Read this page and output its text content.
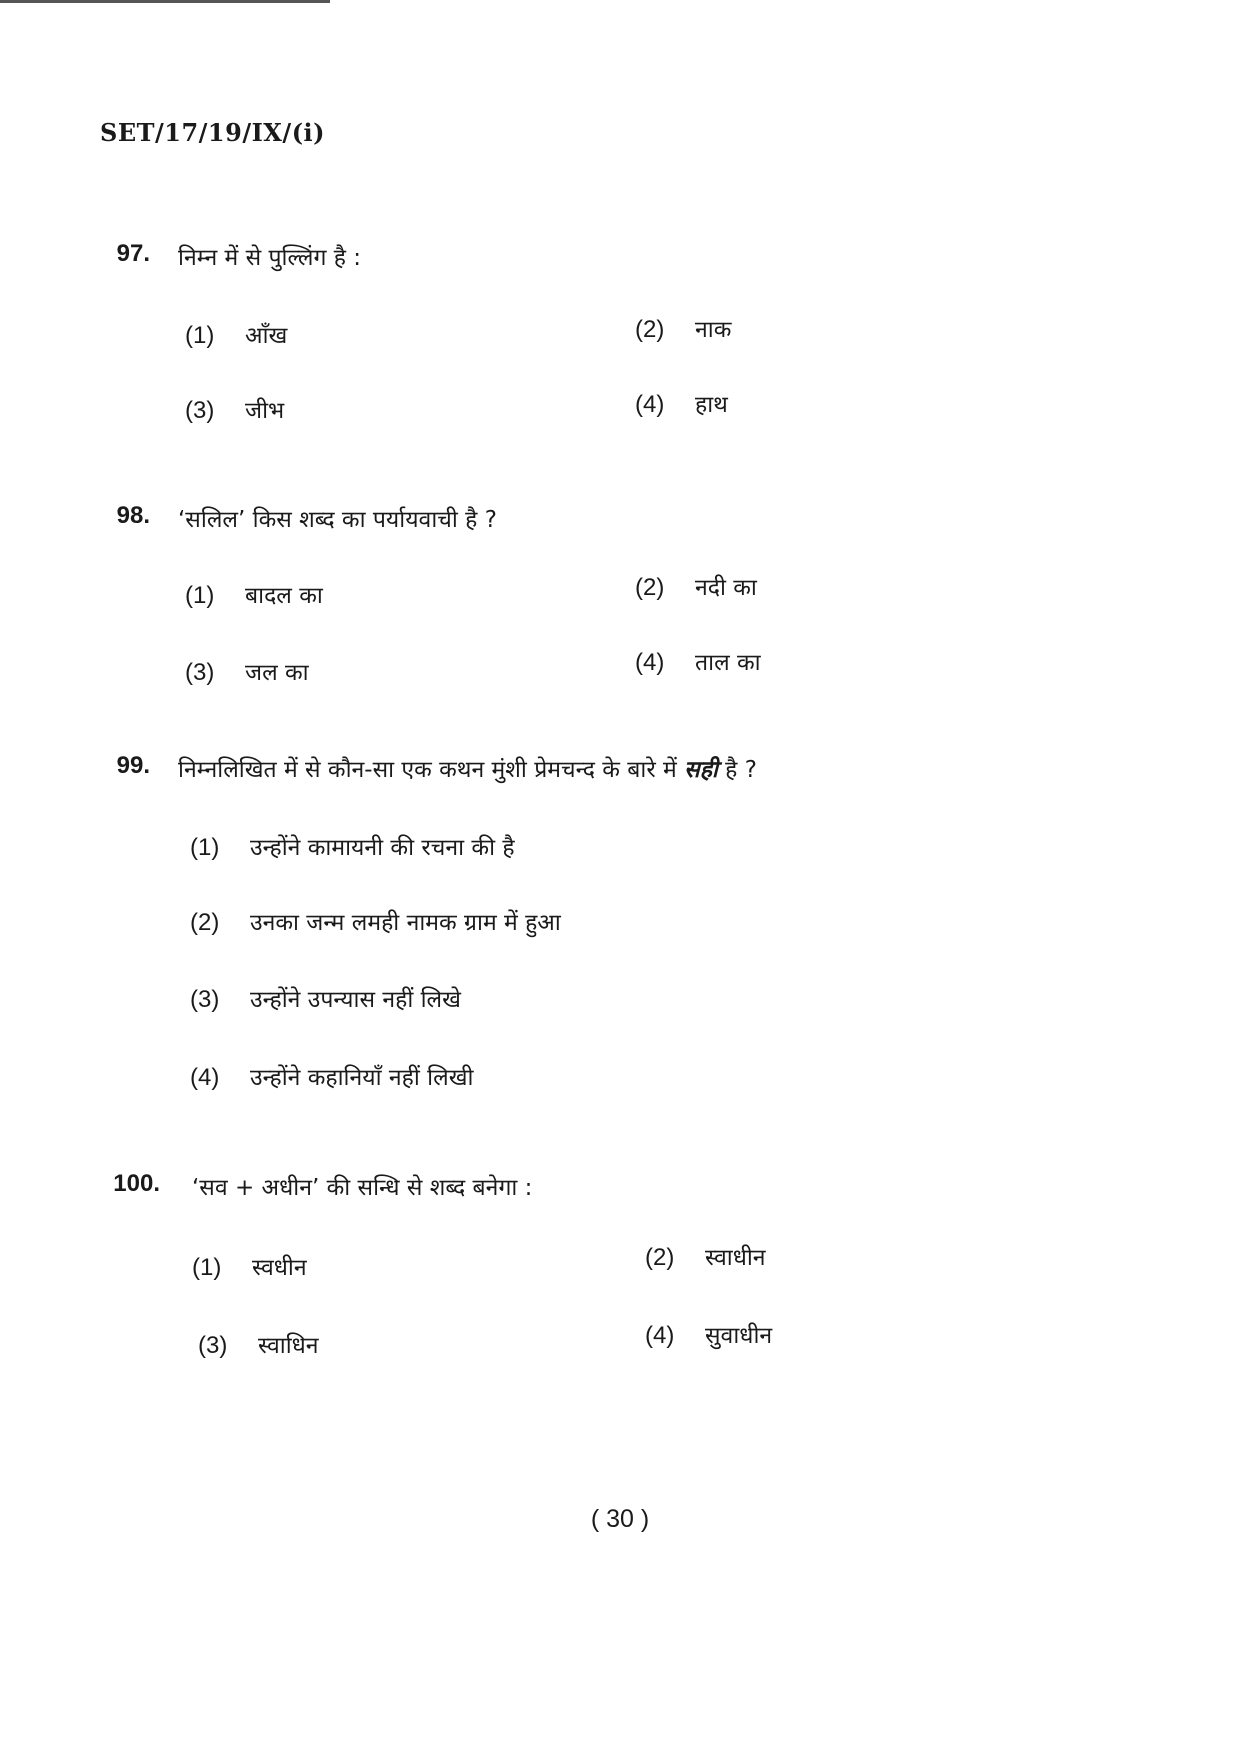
SET/17/19/IX/(i)
97. निम्न में से पुल्लिंग है :
(1) आँख	(2) नाक
(3) जीभ	(4) हाथ
98. ‘सलिल’ किस शब्द का पर्यायवाची है ?
(1) बादल का	(2) नदी का
(3) जल का	(4) ताल का
99. निम्नलिखित में से कौन-सा एक कथन मुंशी प्रेमचन्द के बारे में सही है ?
(1) उन्होंने कामायनी की रचना की है
(2) उनका जन्म लमही नामक ग्राम में हुआ
(3) उन्होंने उपन्यास नहीं लिखे
(4) उन्होंने कहानियाँ नहीं लिखी
100. ‘सव + अधीन’ की सन्धि से शब्द बनेगा :
(1) स्वधीन	(2) स्वाधीन
(3) स्वाधिन	(4) सुवाधीन
( 30 )
